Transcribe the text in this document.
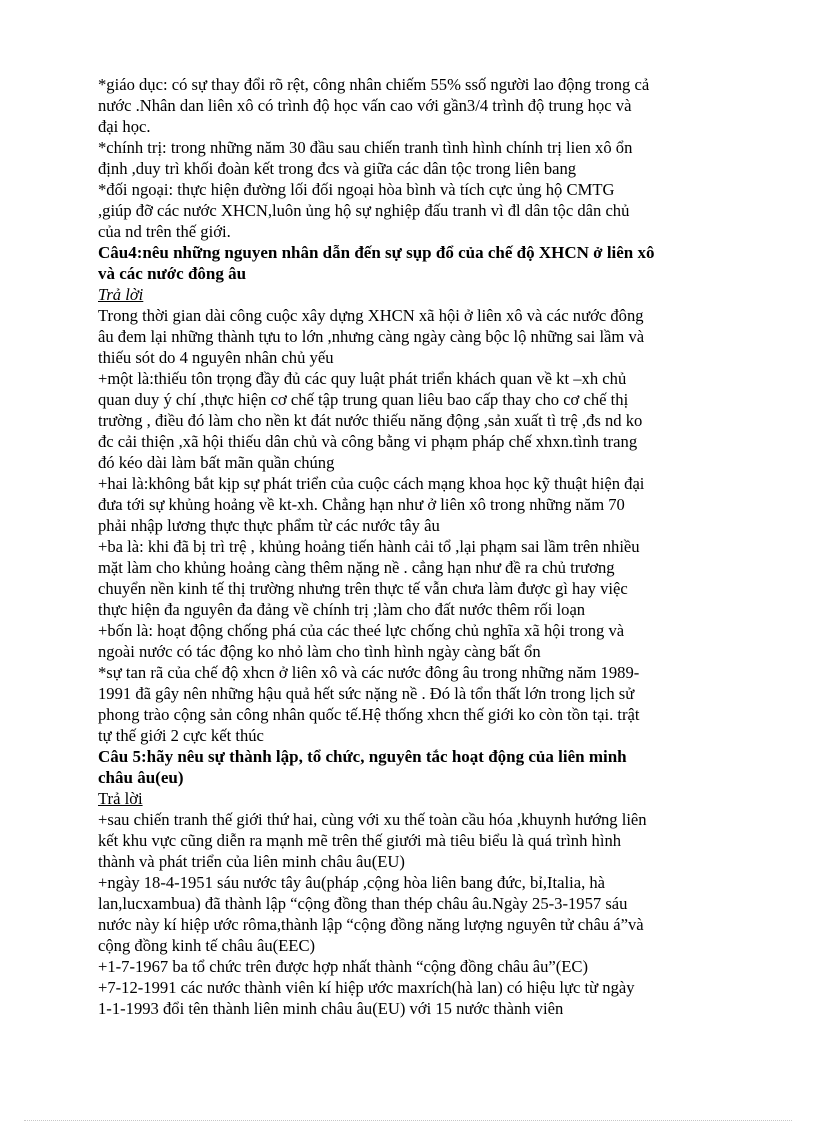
*giáo dục: có sự thay đổi rõ rệt, công nhân chiếm 55% ssố người lao động trong cả
nước .Nhân dan liên xô có trình độ học vấn cao với gần3/4 trình độ trung học và
đại học.
*chính trị: trong những năm 30 đầu sau chiến tranh tình hình chính trị lien xô ổn
định ,duy trì khối đoàn kết trong đcs và giữa các dân tộc trong liên bang
*đối ngoại: thực hiện đường lối đối ngoại hòa bình và tích cực ủng hộ CMTG
,giúp đỡ các nước XHCN,luôn ủng hộ sự nghiệp đấu tranh vì đl dân tộc dân chủ
của nd trên thế giới.
Câu4:nêu những nguyen nhân dẫn đến sự sụp đổ của chế độ XHCN ở liên xô
và các nước đông âu
Trả lời
Trong thời gian dài công cuộc xây dựng XHCN xã hội ở liên xô và các nước đông
âu đem lại những thành tựu to lớn ,nhưng càng ngày càng bộc lộ những sai lầm và
thiếu sót do 4 nguyên nhân chủ yếu
+một là:thiếu tôn trọng đầy đủ các quy luật phát triển khách quan về kt –xh chủ
quan duy ý chí ,thực hiện cơ chế tập trung quan liêu bao cấp thay cho cơ chế thị
trường , điều đó làm cho nền kt đát nước thiếu năng động ,sản xuất tì trệ ,đs nd ko
đc cải thiện ,xã hội thiếu dân chủ và công bằng vi phạm pháp chế xhxn.tình trang
đó kéo dài làm bất mãn quần chúng
+hai là:không bắt kịp sự phát triển của cuộc cách mạng khoa học kỹ thuật hiện đại
đưa tới sự khủng hoảng về kt-xh. Chẳng hạn như ở liên xô trong những năm 70
phải nhập lương thực thực phẩm từ các nước tây âu
+ba là: khi đã bị trì trệ , khủng hoảng tiến hành cải tổ ,lại phạm sai lầm trên nhiều
mặt làm cho khủng hoảng càng thêm nặng nề . cẳng hạn như đề ra chủ trương
chuyển nền kinh tế thị trường nhưng trên thực tế vẫn chưa làm được gì hay việc
thực hiện đa nguyên đa đảng về chính trị ;làm cho đất nước thêm rối loạn
+bốn là: hoạt động chống phá của các theé lực chống chủ nghĩa xã hội trong và
ngoài nước có tác động ko nhỏ làm cho tình hình ngày càng bất ổn
*sự tan rã của chế độ xhcn ở liên xô và các nước đông âu trong những năm 1989-
1991 đã gây nên những hậu quả hết sức nặng nề . Đó là tổn thất lớn trong lịch sử
phong trào cộng sản công nhân quốc tế.Hệ thống xhcn thế giới ko còn tồn tại. trật
tự thế giới 2 cực kết thúc
Câu 5:hãy nêu sự thành lập, tổ chức, nguyên tắc hoạt động của liên minh
châu âu(eu)
Trả lời
+sau chiến tranh thế giới thứ hai, cùng với xu thế toàn cầu hóa ,khuynh hướng liên
kết khu vực cũng diễn ra mạnh mẽ trên thế giưới mà tiêu biểu là quá trình hình
thành và phát triển của liên minh châu âu(EU)
+ngày 18-4-1951 sáu nước tây âu(pháp ,cộng hòa liên bang đức, bỉ,Italia, hà
lan,lucxambua) đã thành lập “cộng đồng than thép châu âu.Ngày 25-3-1957 sáu
nước này kí hiệp ước rôma,thành lập “cộng đồng năng lượng nguyên tử châu á”và
cộng đồng kinh tế châu âu(EEC)
+1-7-1967 ba tổ chức trên được hợp nhất thành “cộng đồng châu âu”(EC)
+7-12-1991 các nước thành viên kí hiệp ước maxrích(hà lan) có hiệu lực từ ngày
1-1-1993 đổi tên thành liên minh châu âu(EU) với 15 nước thành viên
